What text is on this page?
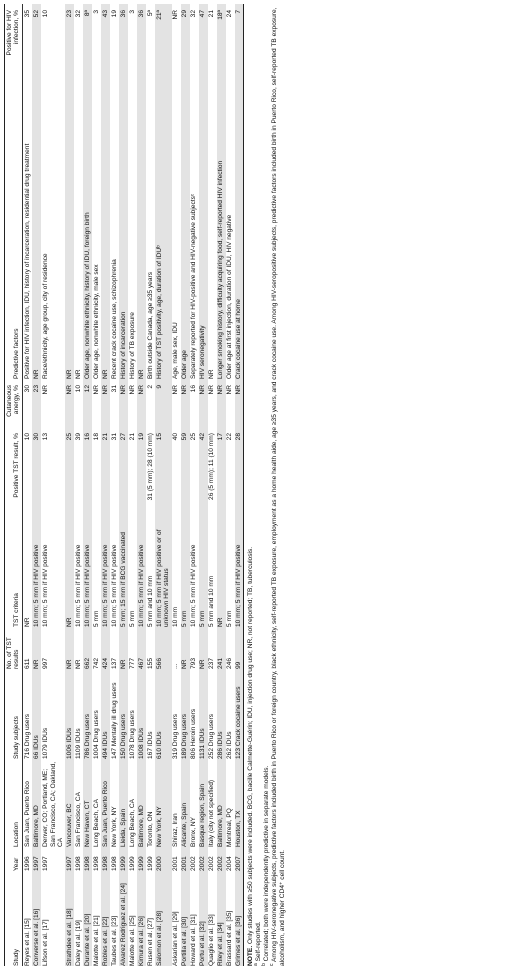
Study	Year	Location	Study subjects	No. of TST results	TST criteria	Positive TST result, %	Cutaneous anergy, %	Predictive factors	Positive for HIV infection, %
Reyes et al. [15]	1996	San Juan, Puerto Rico	716 Drug users	611	NR	10	30	Positive for HIV infection, IDU, history of incarceration, residential drug treatment	35
Converse et al. [16]	1997	Baltimore, MD	66 IDUs	NR	10 mm; 5 mm if HIV positive	30	23	NR	52
Lifson et al. [17]	1997	Denver, CO; Portland, ME; San Francisco, CA; Oakland, CA	1079 IDUs	997	10 mm; 5 mm if HIV positive	13	NR	Race/ethnicity, age group, city of residence	10
Strathdee et al. [18]	1997	Vancouver, BC	1006 IDUs	NR	NR	25	NR	NR	23
Daley et al. [19]	1998	San Francisco, CA	1109 IDUs	NR	10 mm; 5 mm if HIV positive	39	10	NR	32
Durante et al. [20]	1998	New Haven, CT	786 Drug users	662	10 mm; 5 mm if HIV positive	16	12	Older age, nonwhite ethnicity, history of IDU, foreign birth	8ª
Malotte et al. [21]	1998	Long Beach, CA	1004 Drug users	742	5 mm	18	NR	Older age, nonwhite ethnicity, male sex	3
Robles et al. [22]	1998	San Juan, Puerto Rico	494 IDUs	424	10 mm; 5 mm if HIV positive	21	NR	NR	43
Taubes et al. [23]	1998	New York, NY	147 Mentally ill drug users	137	10 mm; 5 mm if HIV positive	31	31	Recent crack cocaine use, schizophrenia	19
Alvarez Rodriguez et al. [24]	1999	Lleida, Spain	150 Drug users	NR	5 mm; 15 mm if BCG vaccinated	27	NR	History of incarceration	36
Malotte et al. [25]	1999	Long Beach, CA	1078 Drug users	777	5 mm	21	NR	History of TB exposure	3
Kimura et al. [26]	1999	Baltimore, MD	1008 IDUs	467	10 mm; 5 mm if HIV positive	19	NR	NR	36
Rusen et al. [27]	1999	Toronto, ON	167 IDUs	155	5 mm and 10 mm	31 (5 mm); 28 (10 mm)	2	Birth outside Canada, age ≥35 years	5ª
Salomon et al. [28]	2000	New York, NY	610 IDUs	566	10 mm; 5 mm if HIV positive or of unknown HIV status	15	9	History of TST positivity, age, duration of IDUᵇ	21ª
Askarian et al. [29]	2001	Shiraz, Iran	319 Drug users	...	10 mm	40	NR	Age, male sex, IDU	NR
Portilla et al. [30]	2001	Alicante, Spain	189 Drug users	NR	5 mm	59	NR	Older age	29
Howard et al. [31]	2002	Bronx, NY	806 Heroin users	793	10 mm; 5 mm if HIV positive	25	16	Separately reported for HIV-positive and HIV-negative subjectsᶜ	32
Portu et al. [32]	2002	Basque region, Spain	1131 IDUs	NR	5 mm	42	NR	HIV seronegativity	47
Quaglio et al. [33]	2002	Italy (city not specified)	252 Drug users	237	5 mm and 10 mm	26 (5 mm); 11 (10 mm)	NR	NR	21
Riley et al. [34]	2002	Baltimore, MD	286 IDUs	241	NR	17	NR	Longer smoking history, difficulty acquiring food, self-reported HIV infection	18ª
Brassard et al. [35]	2004	Montreal, PQ	262 IDUs	246	5 mm	22	NR	Older age at first injection, duration of IDU, HIV negative	24
Grimes et al. [36]	2007	Houston, TX	123 Crack cocaine users	99	10 mm; 5 mm if HIV positive	28	NR	Crack cocaine use at home	7
NOTE. Only studies with ≥50 subjects were included. BCG, bacille Calmette-Guérin; IDU, injection drug use; NR, not reported; TB, tuberculosis.
$^a$ Self-reported.
$^b$ Correlated; both were independently predictive in separate models.
$^c$ Among HIV-seronegative subjects, predictive factors included birth in Puerto Rico or foreign country, black ethnicity, self-reported TB exposure, employment as a home health aide, age ≥35 years, and crack cocaine use. Among HIV-seropositive subjects, predictive factors included birth in Puerto Rico, self-reported TB exposure, alcoholism, and higher CD4⁺ cell count.
